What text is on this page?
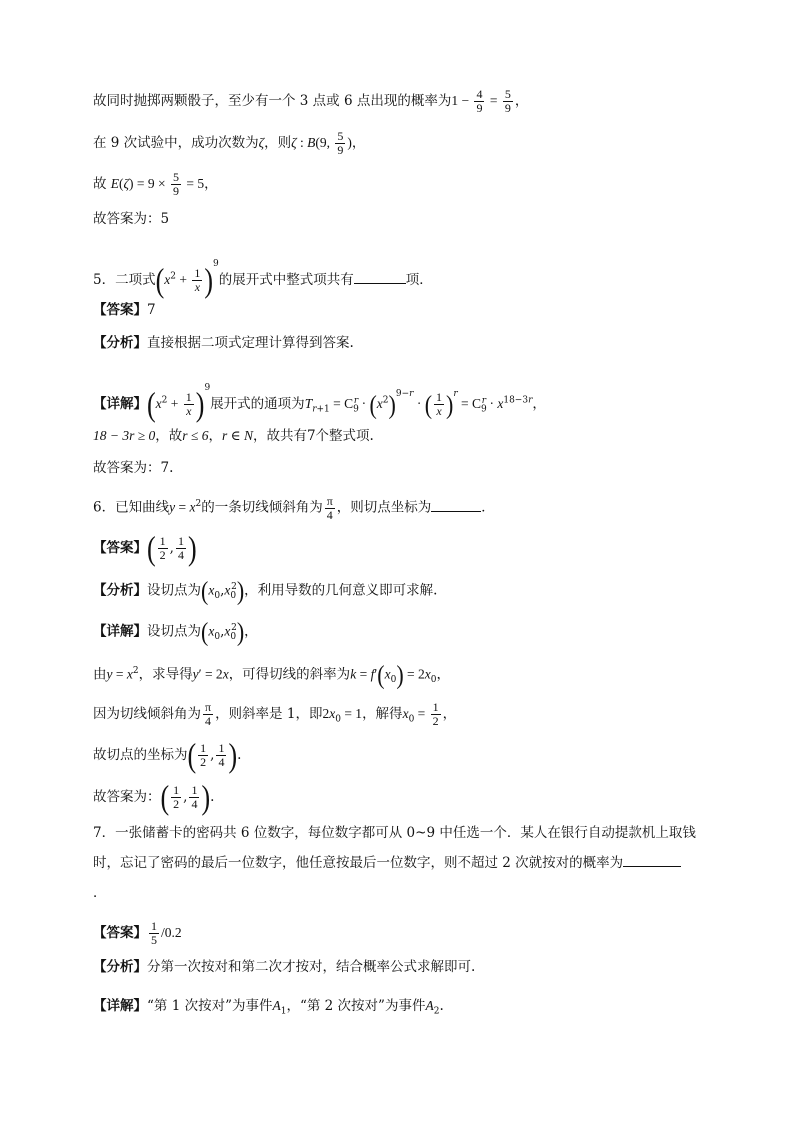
故同时抛掷两颗骰子，至少有一个 3 点或 6 点出现的概率为$1 - \frac{4}{9} = \frac{5}{9}$ ，
在 9 次试验中，成功次数为ζ，则ζ : B(9, $\frac{5}{9}$ )，
故 $E(\zeta) = 9 \times \frac{5}{9} = 5$，
故答案为：5
5．二项式$(x^2 + \frac{1}{x} )^9$的展开式中整式项共有	项．
【答案】7
【分析】直接根据二项式定理计算得到答案.
【详解】$(x^2 + \frac{1}{x} )^9$展开式的通项为$T_{r+1} = C_9^r \cdot (x^2)^{9-r}$ · ( $\frac{1}{x} )^r = C_9^r \cdot x^{18-3r}$，
18 − 3r ≥ 0，故r ≤ 6，r ∈ N，故共有7个整式项.
故答案为：7.
6．已知曲线$y = x^2$的一条切线倾斜角为 $\frac{\pi}{4}$ ，则切点坐标为	．
【答案】( $\frac{1}{2}$ , $\frac{1}{4}$ )
【分析】设切点为$(x_0,x_0^2)$，利用导数的几何意义即可求解.
【详解】设切点为$(x_0,x_0^2)$，
由$y = x^2$，求导得y′ = 2x，可得切线的斜率为$k = f'(x_0) = 2x_0$，
因为切线倾斜角为 $\frac{\pi}{4}$ ，则斜率是 1，即$2x_0 = 1$，解得$x_0 = \frac{1}{2}$ ，
故切点的坐标为( $\frac{1}{2}$ , $\frac{1}{4}$ ).
故答案为：( $\frac{1}{2}$ , $\frac{1}{4}$ ).
7．一张储蓄卡的密码共 6 位数字，每位数字都可从 0~9 中任选一个．某人在银行自动提款机上取钱
时，忘记了密码的最后一位数字，他任意按最后一位数字，则不超过 2 次就按对的概率为
．
【答案】 $\frac{1}{5} /0.2$
【分析】分第一次按对和第二次才按对，结合概率公式求解即可.
【详解】“第 1 次按对”为事件$A_1$，“第 2 次按对”为事件$A_2$.
